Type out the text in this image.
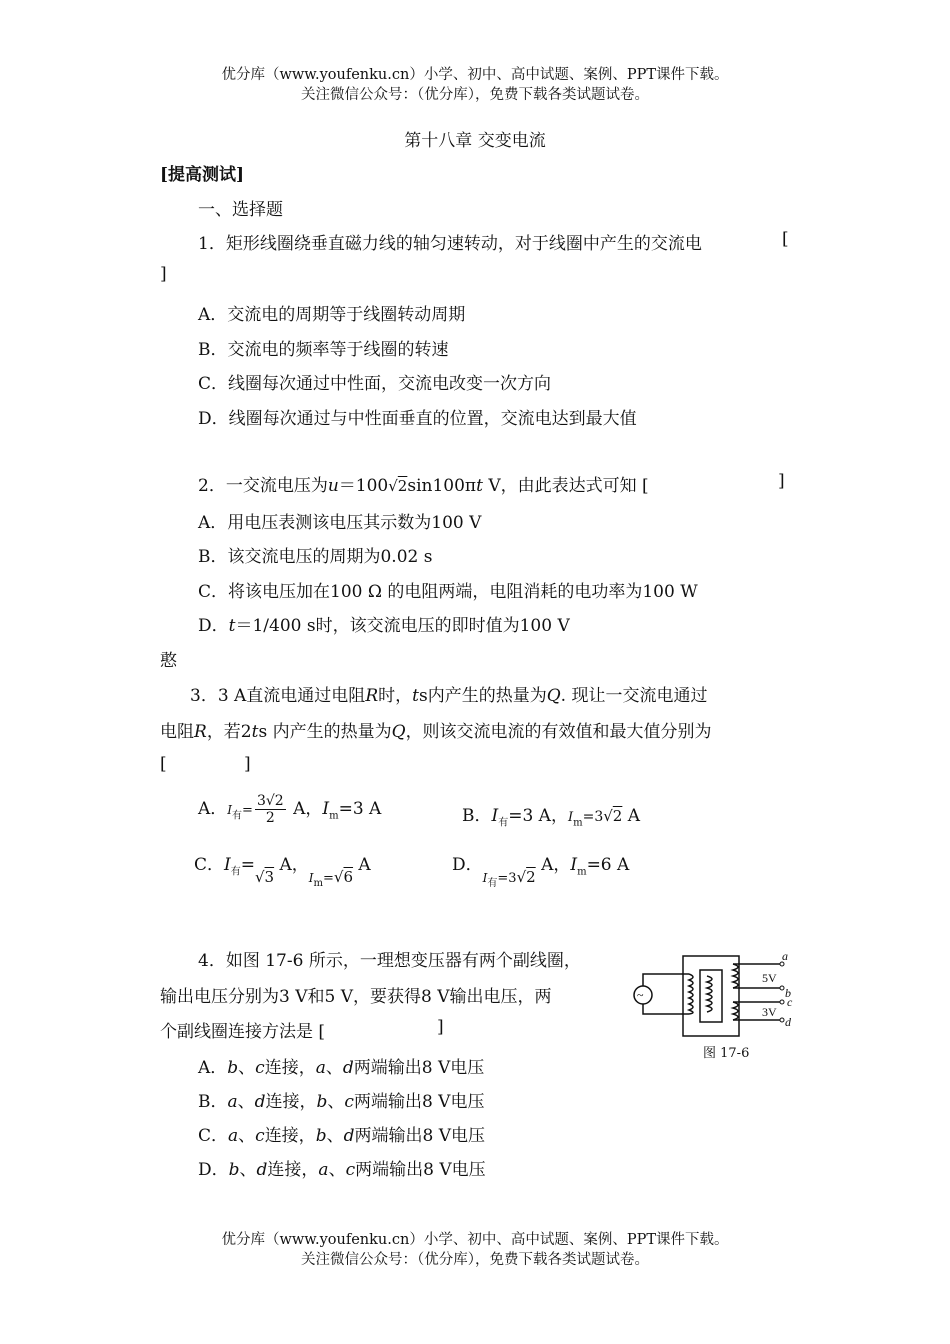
优分库（www.youfenku.cn）小学、初中、高中试题、案例、PPT课件下载。
关注微信公众号：（优分库），免费下载各类试题试卷。
第十八章 交变电流
[提高测试]
一、选择题
1．矩形线圈绕垂直磁力线的轴匀速转动，对于线圈中产生的交流电	[
]
A．交流电的周期等于线圈转动周期
B．交流电的频率等于线圈的转速
C．线圈每次通过中性面，交流电改变一次方向
D．线圈每次通过与中性面垂直的位置，交流电达到最大值
2．一交流电压为u＝100√2sin100πt V，由此表达式可知 [	]
A．用电压表测该电压其示数为100 V
B．该交流电压的周期为0.02 s
C．将该电压加在100 Ω 的电阻两端，电阻消耗的电功率为100 W
D．t＝1/400 s时，该交流电压的即时值为100 V
憨
3．3 A直流电通过电阻R时，ts内产生的热量为Q. 现让一交流电通过
电阻R，若2ts 内产生的热量为Q，则该交流电流的有效值和最大值分别为
[	]
A．$I_有= \frac{3√2}{2}$ A，$I_m=3$ A	B．$I_有=3$ A，$I_m=3√2$ A
C．$I_有=√3$ A，$_{Im=}$√6 A	D．$_{I有=3}$√2 A，$I_m=6$ A
4．如图 17-6 所示，一理想变压器有两个副线圈，
输出电压分别为3 V和5 V，要获得8 V输出电压，两
个副线圈连接方法是 [	]
A．b、c连接，a、d两端输出8 V电压
B．a、d连接，b、c两端输出8 V电压
C．a、c连接，b、d两端输出8 V电压
D．b、d连接，a、c两端输出8 V电压
~
a
b
c
d
5V
3V
图 17-6
优分库（www.youfenku.cn）小学、初中、高中试题、案例、PPT课件下载。
关注微信公众号：（优分库），免费下载各类试题试卷。
